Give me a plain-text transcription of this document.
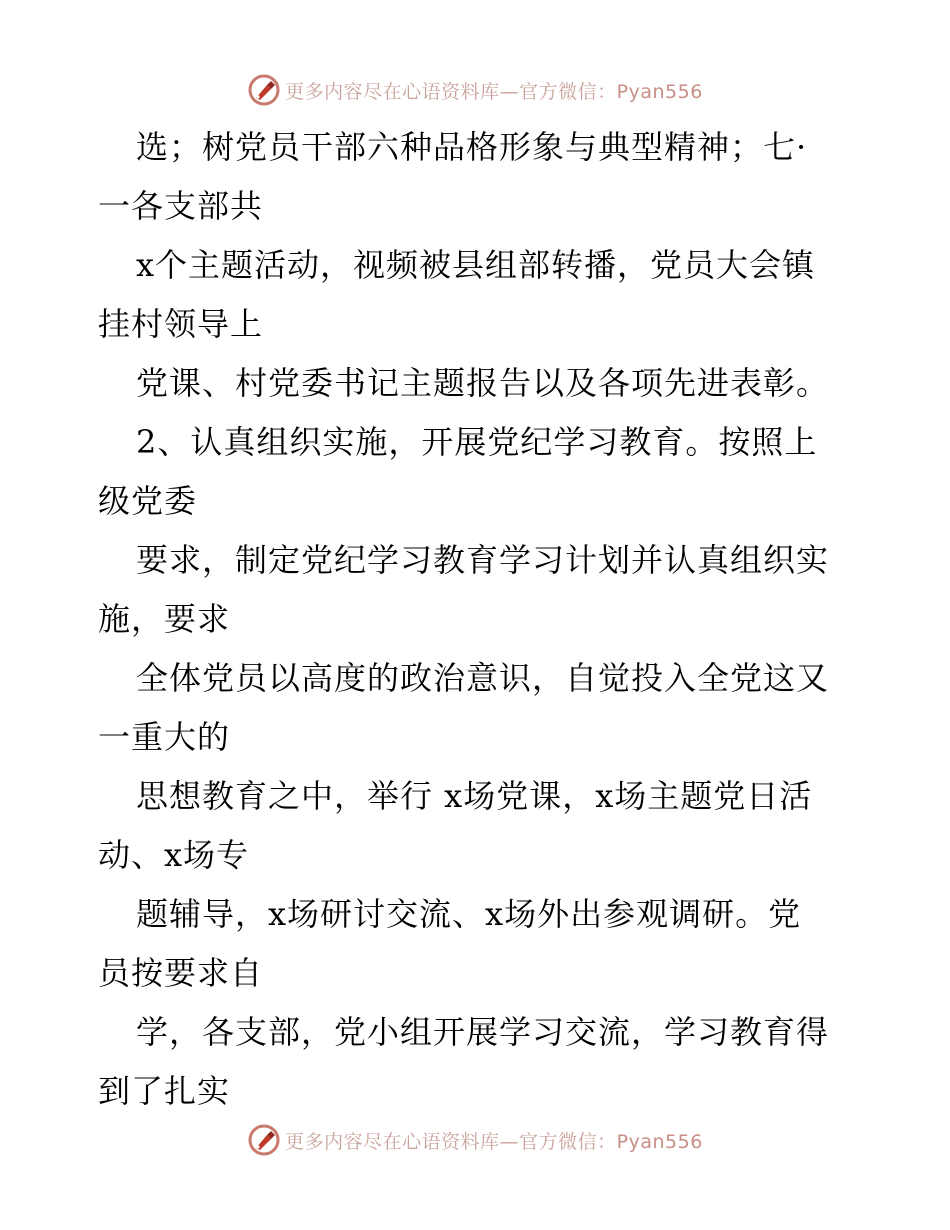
更多内容尽在心语资料库—官方微信：Pyan556
选；树党员干部六种品格形象与典型精神；七·
一各支部共
x个主题活动，视频被县组部转播，党员大会镇
挂村领导上
党课、村党委书记主题报告以及各项先进表彰。
2、认真组织实施，开展党纪学习教育。按照上
级党委
要求，制定党纪学习教育学习计划并认真组织实
施，要求
全体党员以高度的政治意识，自觉投入全党这又
一重大的
思想教育之中，举行 x场党课，x场主题党日活
动、x场专
题辅导，x场研讨交流、x场外出参观调研。党
员按要求自
学，各支部，党小组开展学习交流，学习教育得
到了扎实
更多内容尽在心语资料库—官方微信：Pyan556
